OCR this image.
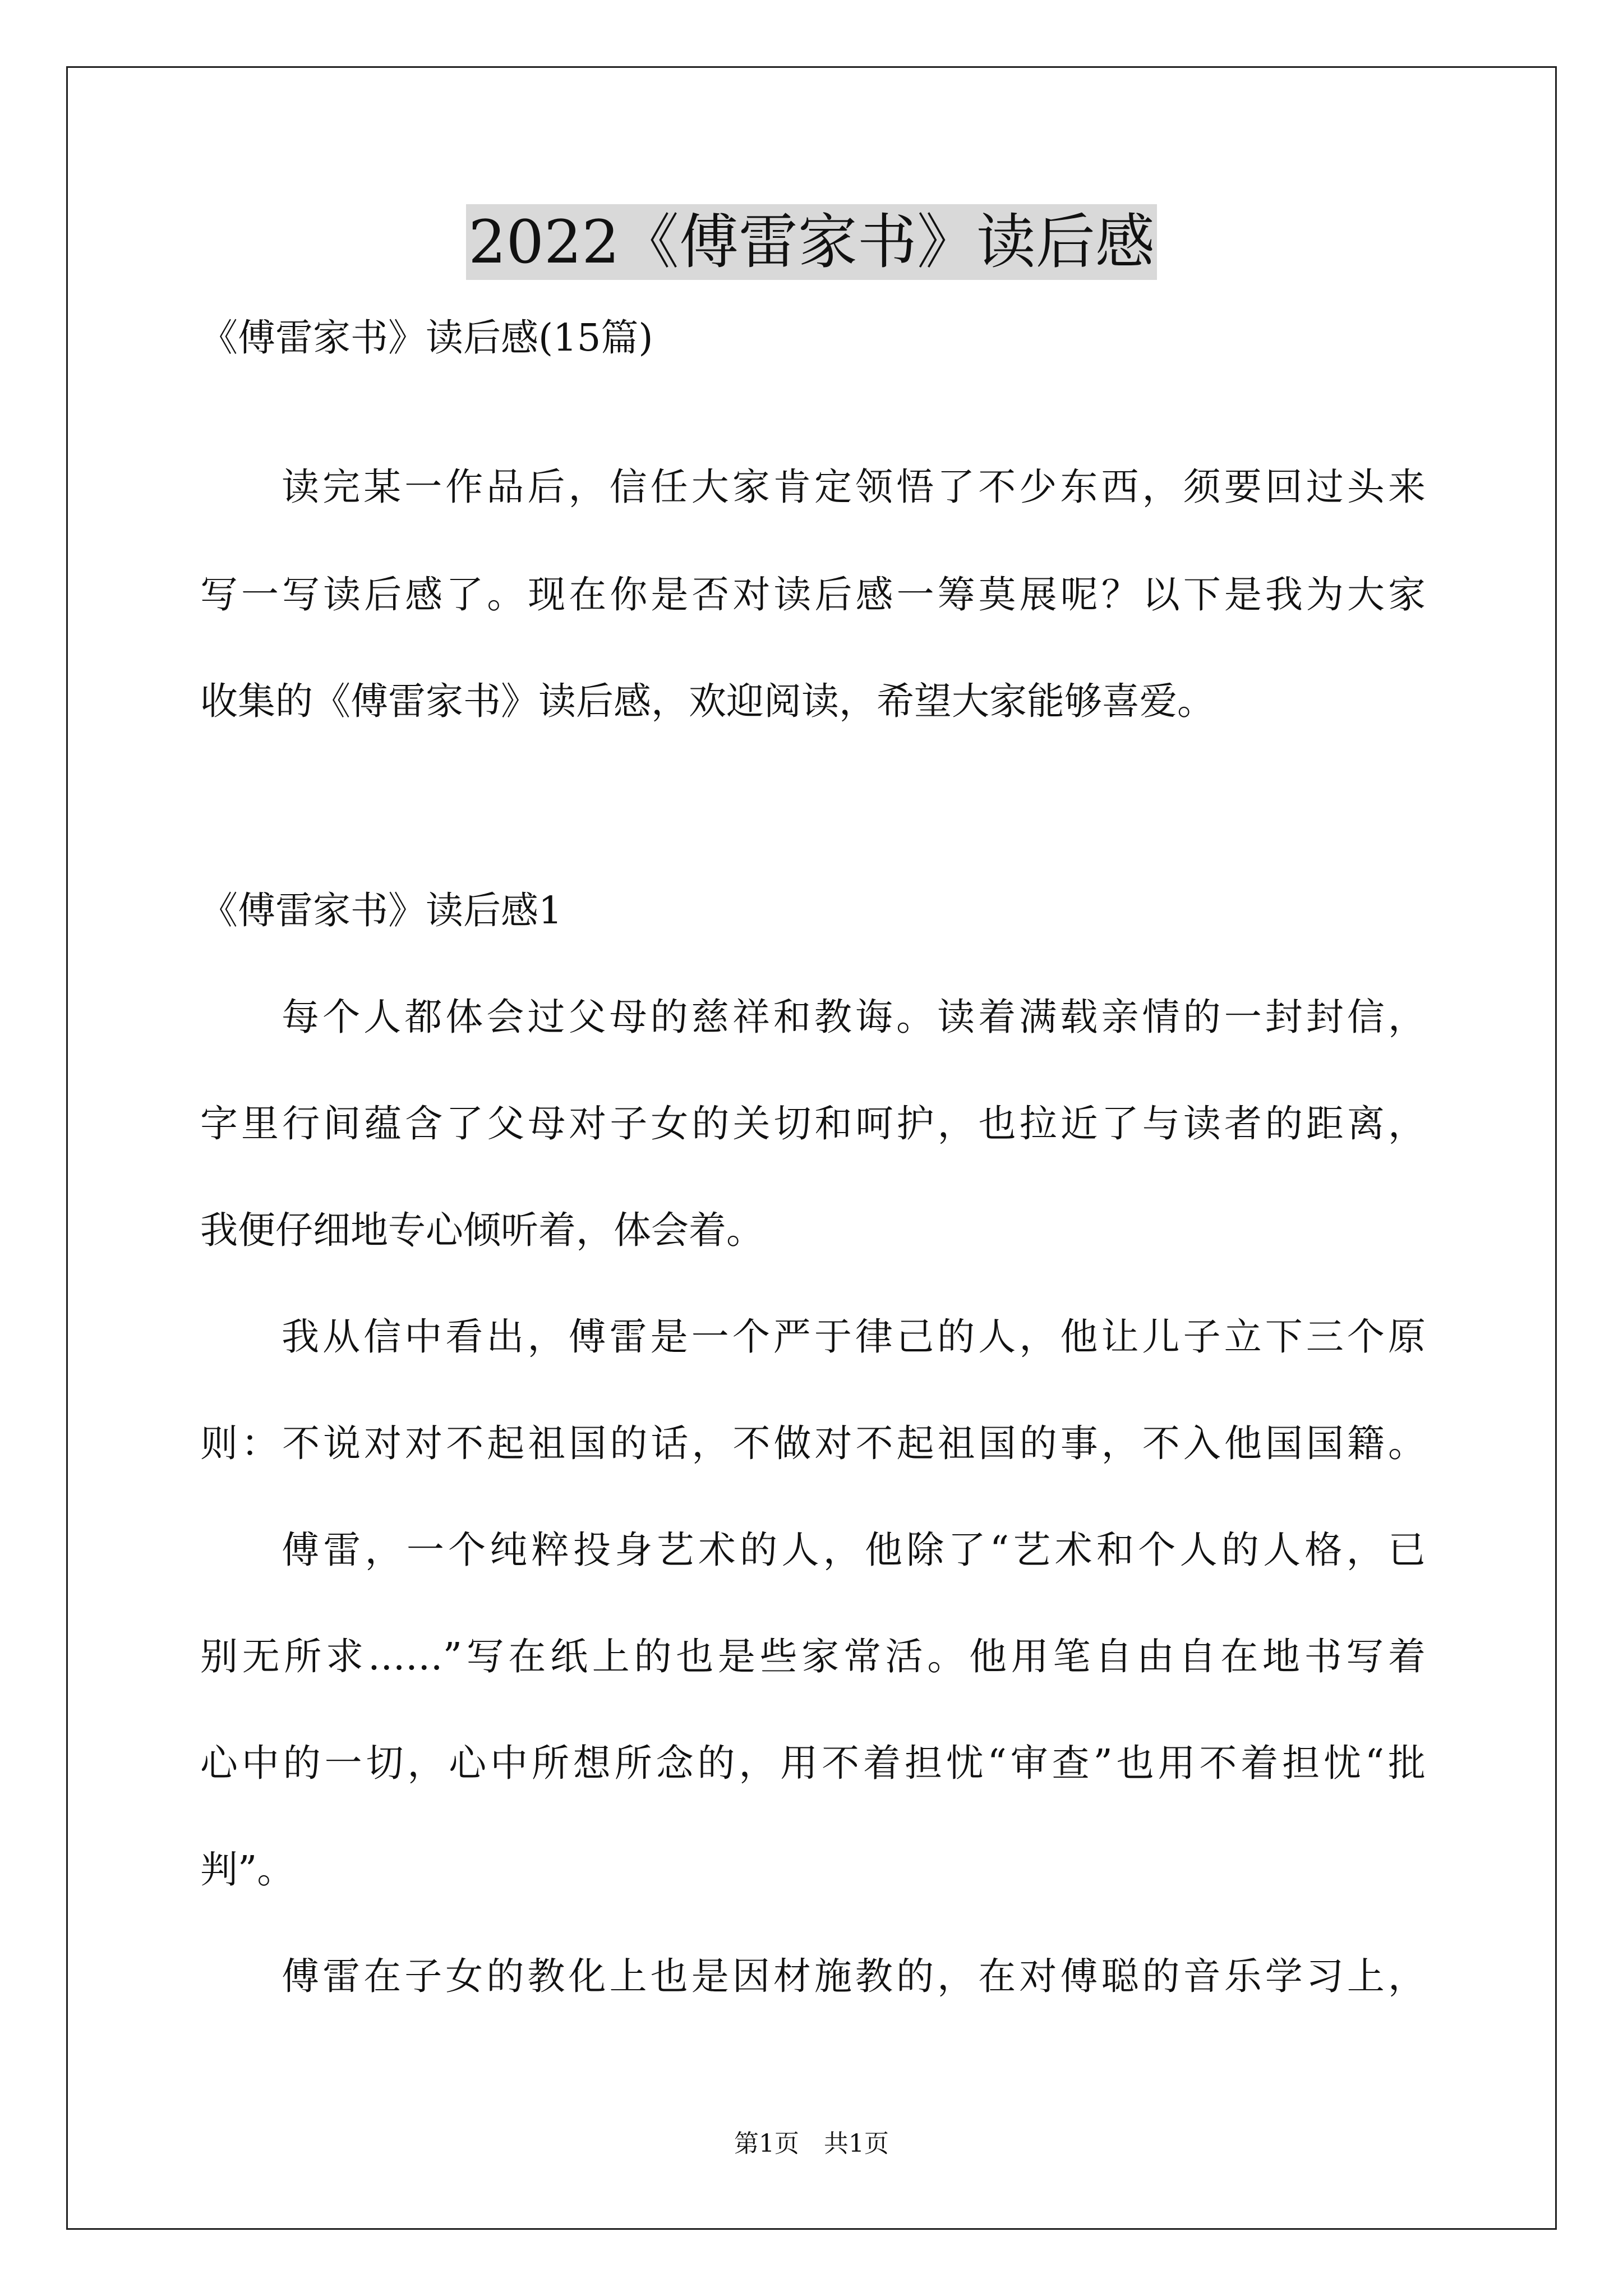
2022《傅雷家书》读后感
《傅雷家书》读后感(15篇)
读完某一作品后，信任大家肯定领悟了不少东西，须要回过头来
写一写读后感了。现在你是否对读后感一筹莫展呢？以下是我为大家
收集的《傅雷家书》读后感，欢迎阅读，希望大家能够喜爱。
《傅雷家书》读后感1
每个人都体会过父母的慈祥和教诲。读着满载亲情的一封封信，
字里行间蕴含了父母对子女的关切和呵护，也拉近了与读者的距离，
我便仔细地专心倾听着，体会着。
我从信中看出，傅雷是一个严于律己的人，他让儿子立下三个原
则：不说对对不起祖国的话，不做对不起祖国的事，不入他国国籍。
傅雷，一个纯粹投身艺术的人，他除了“艺术和个人的人格，已
别无所求……”写在纸上的也是些家常活。他用笔自由自在地书写着
心中的一切，心中所想所念的，用不着担忧“审查”也用不着担忧“批
判”。
傅雷在子女的教化上也是因材施教的，在对傅聪的音乐学习上，
第1页　共1页
